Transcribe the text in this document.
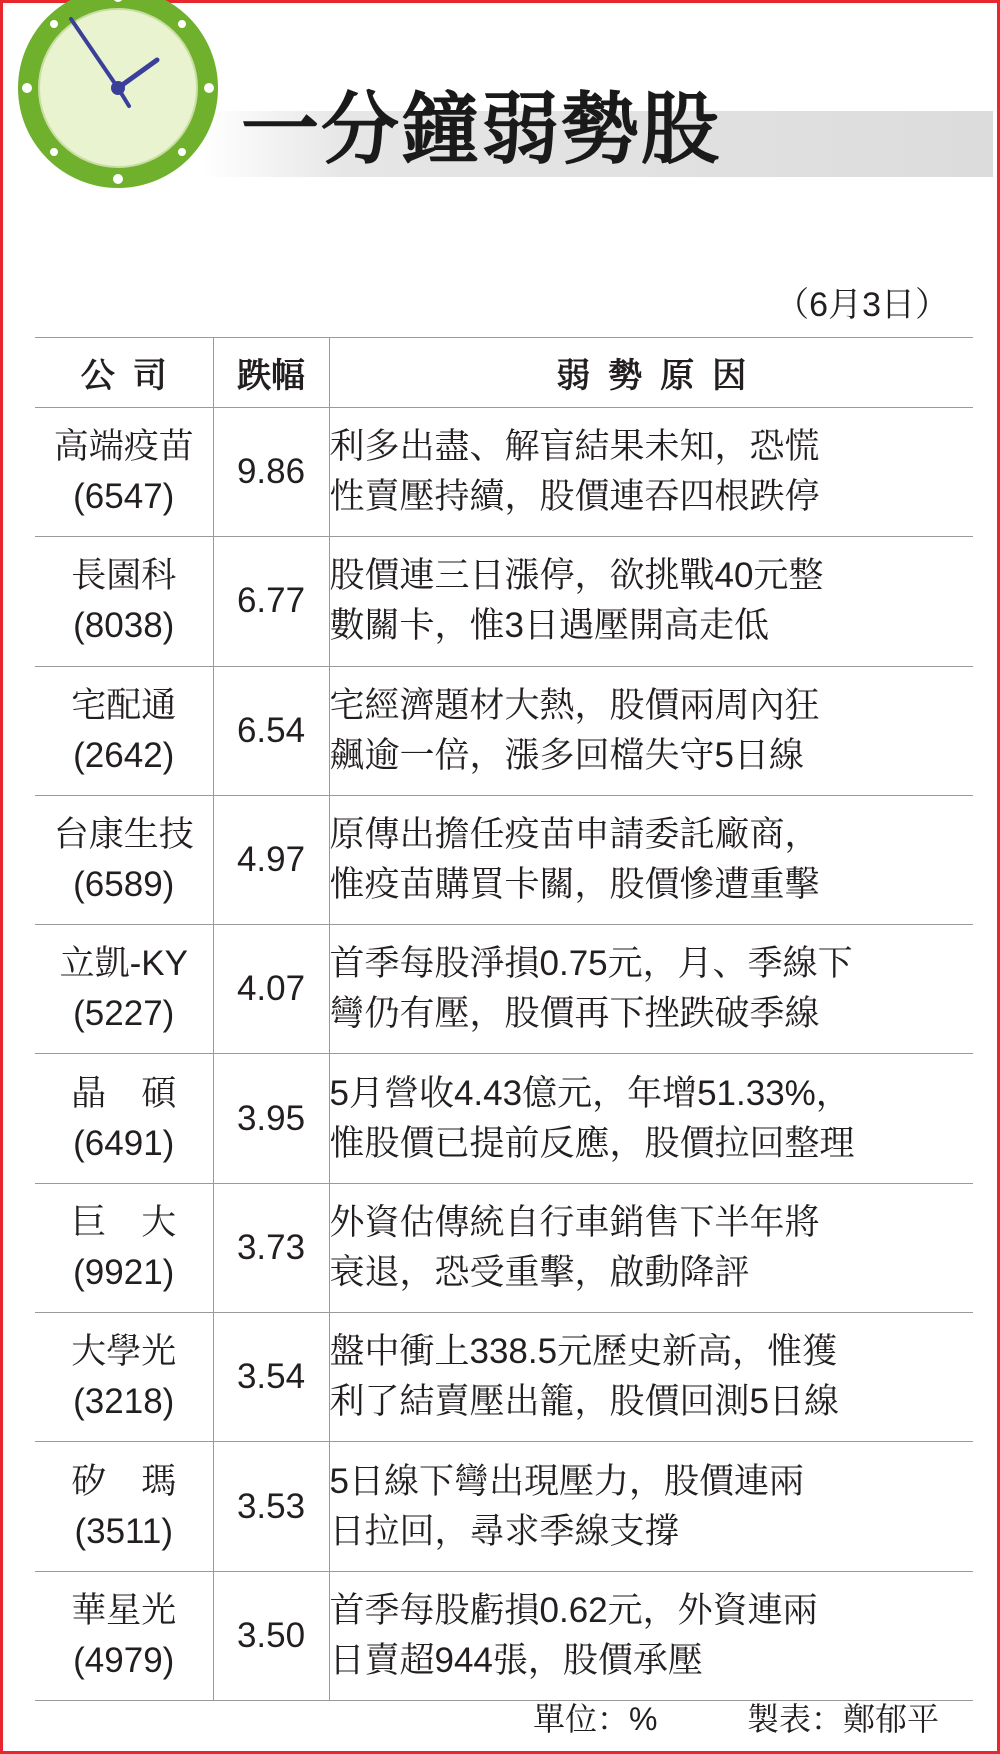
一分鐘弱勢股
（6月3日）
公司	跌幅	弱勢原因

高端疫苗
(6547)	9.86	利多出盡、解盲結果未知，恐慌
性賣壓持續，股價連吞四根跌停

長園科
(8038)	6.77	股價連三日漲停，欲挑戰40元整
數關卡，惟3日遇壓開高走低

宅配通
(2642)	6.54	宅經濟題材大熱，股價兩周內狂
飆逾一倍，漲多回檔失守5日線

台康生技
(6589)	4.97	原傳出擔任疫苗申請委託廠商，
惟疫苗購買卡關，股價慘遭重擊

立凱-KY
(5227)	4.07	首季每股淨損0.75元，月、季線下
彎仍有壓，股價再下挫跌破季線

晶　碩
(6491)	3.95	5月營收4.43億元，年增51.33%，
惟股價已提前反應，股價拉回整理

巨　大
(9921)	3.73	外資估傳統自行車銷售下半年將
衰退，恐受重擊，啟動降評

大學光
(3218)	3.54	盤中衝上338.5元歷史新高，惟獲
利了結賣壓出籠，股價回測5日線

矽　瑪
(3511)	3.53	5日線下彎出現壓力，股價連兩
日拉回，尋求季線支撐

華星光
(4979)	3.50	首季每股虧損0.62元，外資連兩
日賣超944張，股價承壓
單位：%	製表：鄭郁平
